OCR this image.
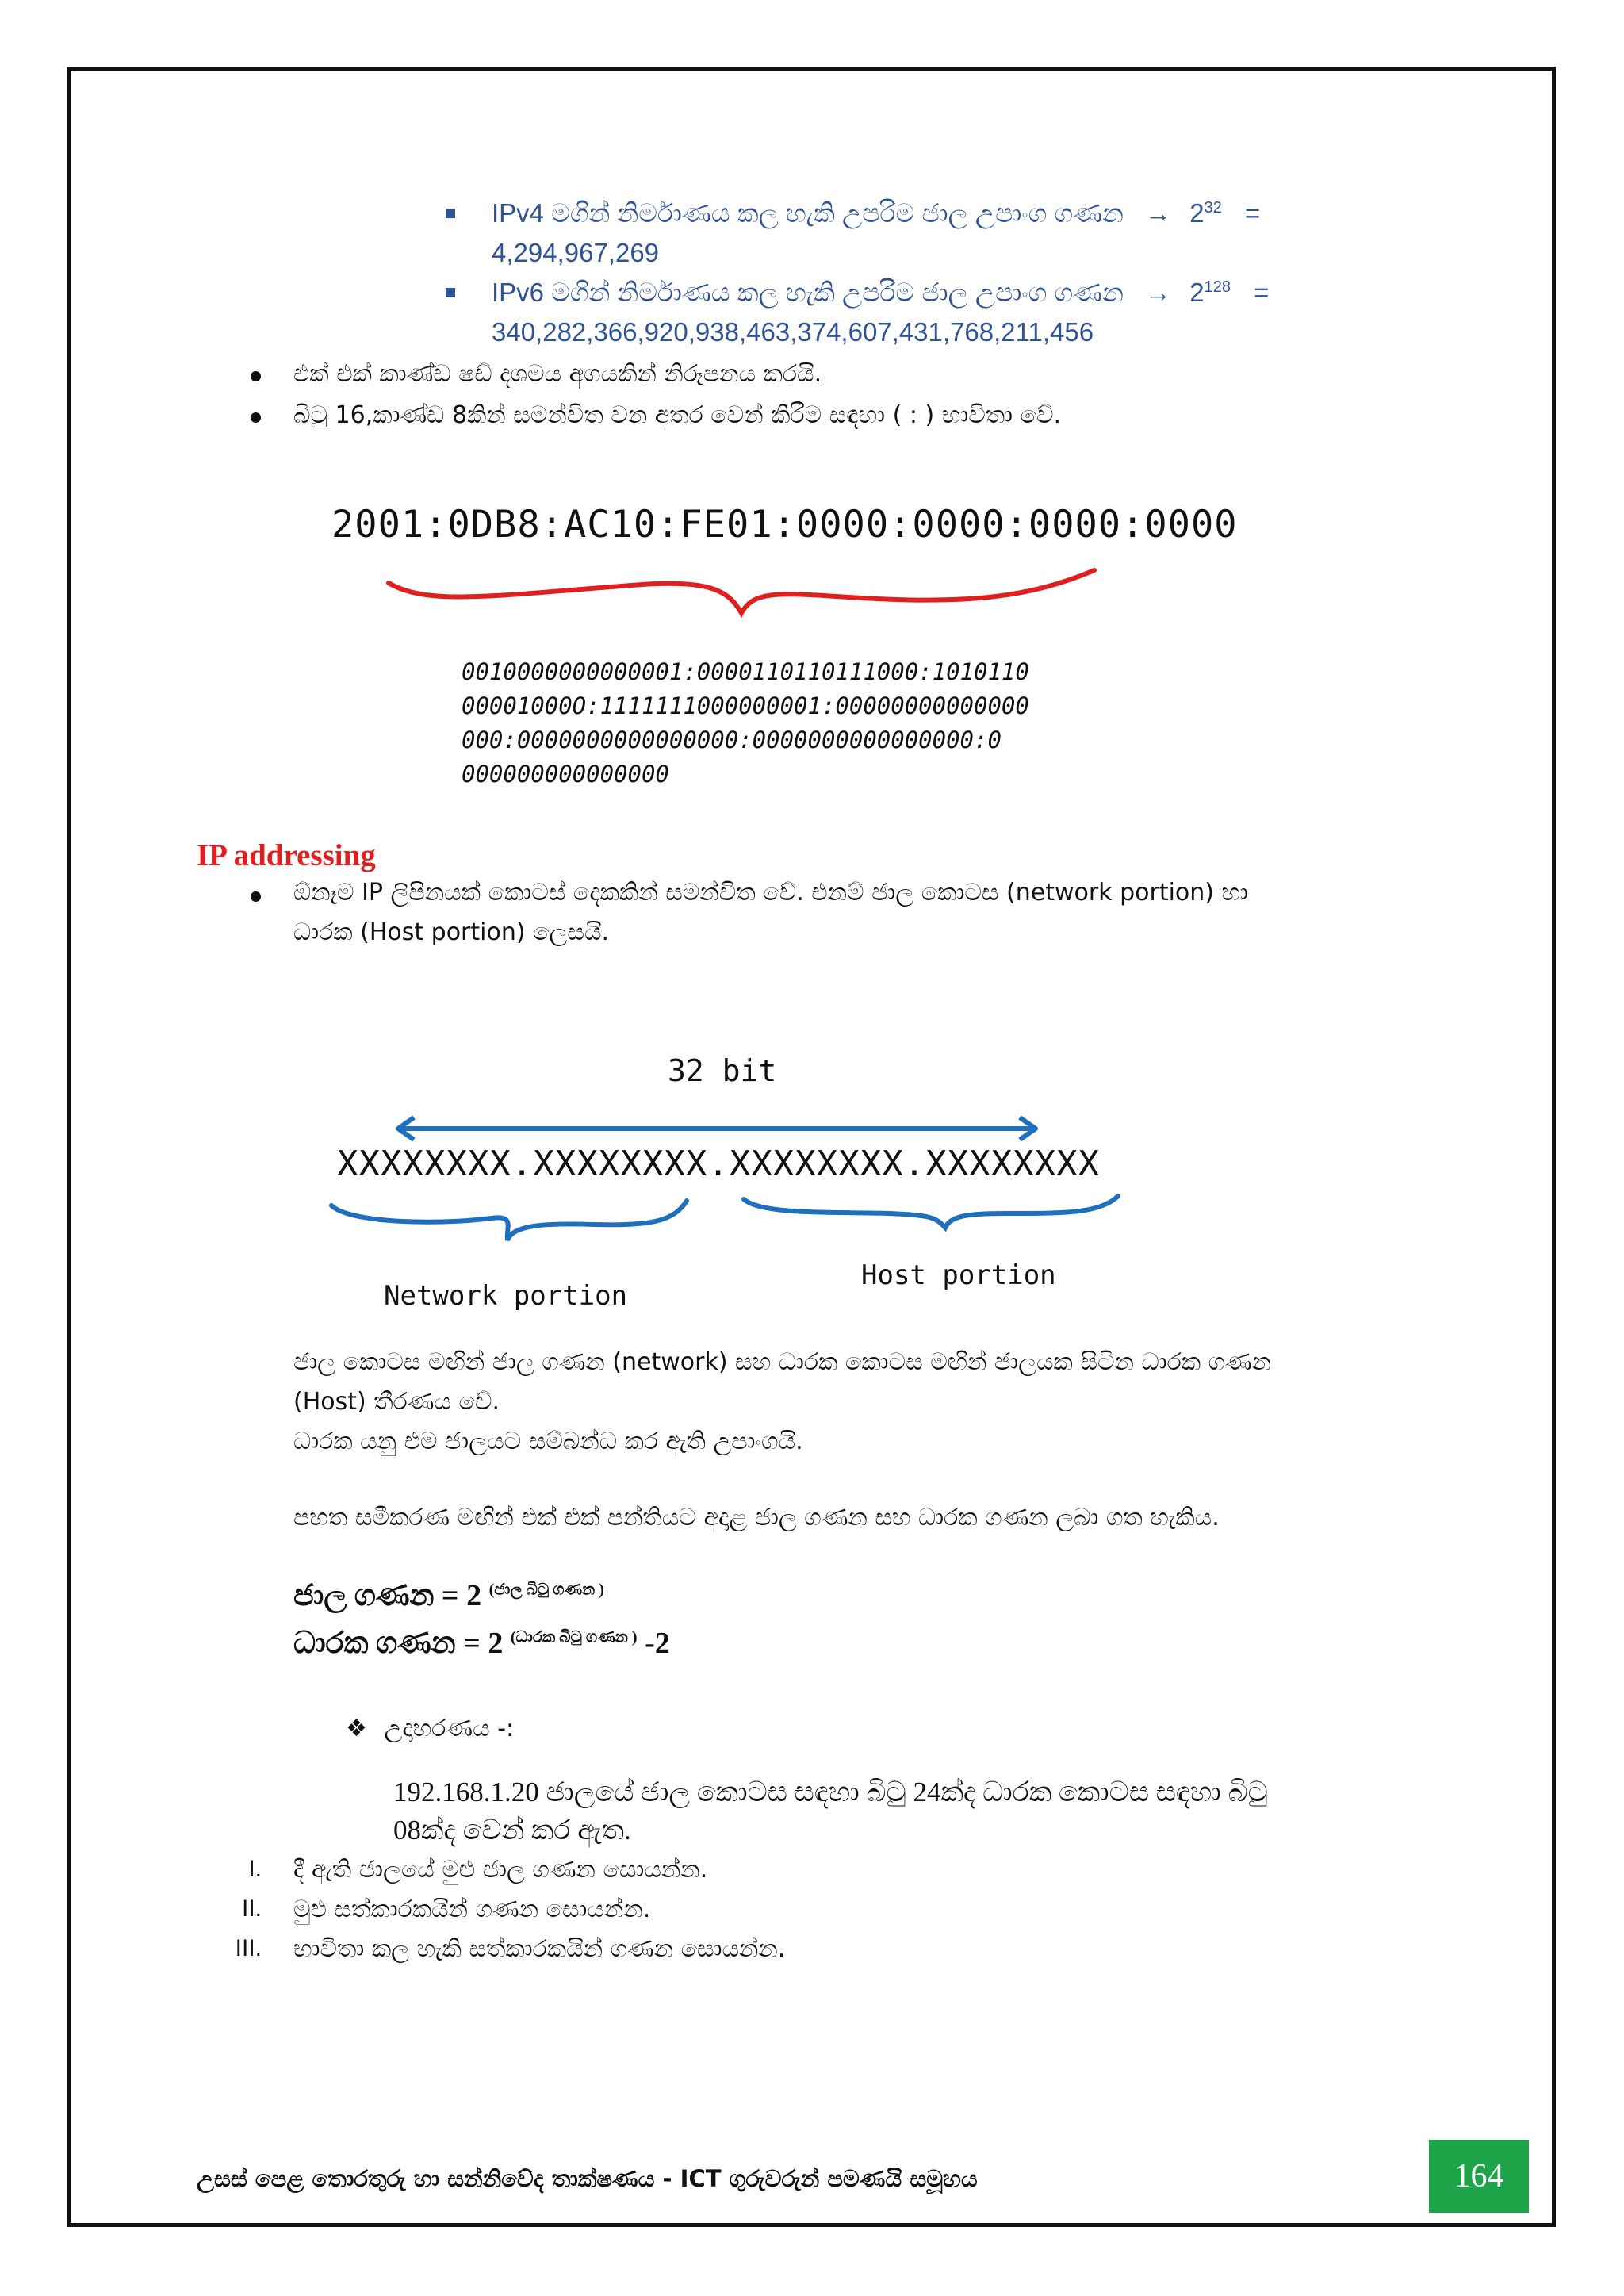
IPv4 මගින් නිර්මාණය කල හැකි උපරිම ජාල උපාංග ගණන → $2^{32}$ =
4,294,967,269
IPv6 මගින් නිර්මාණය කල හැකි උපරිම ජාල උපාංග ගණන → $2^{128}$ =
340,282,366,920,938,463,374,607,431,768,211,456
එක් එක් කාණ්ඩ ෂඩ් දශමය අගයකින් නිරූපනය කරයි.
බිටු 16,කාණ්ඩ 8කින් සමන්විත වන අතර වෙන් කිරීම සඳහා ( : ) භාවිතා වේ.
2001:0DB8:AC10:FE01:0000:0000:0000:0000
0010000000000001:0000110110111000:1010110
00001000O:1111111000000001:00000000000000
000:0000000000000000:0000000000000000:0
000000000000000
IP addressing
ඕනෑම IP ලිපිනයක් කොටස් දෙකකින් සමන්විත වේ. එනම් ජාල කොටස (network portion) හා
ධාරක (Host portion) ලෙසයි.
32 bit
XXXXXXXX.XXXXXXXX.XXXXXXXX.XXXXXXXX
Network portion
Host portion
ජාල කොටස මඟින් ජාල ගණන (network) සහ ධාරක කොටස මඟින් ජාලයක සිටින ධාරක ගණන
(Host) තීරණය වේ.
ධාරක යනු එම ජාලයට සම්බන්ධ කර ඇති උපාංගයි.
පහත සමීකරණ මඟින් එක් එක් පන්තියට අදාළ ජාල ගණන සහ ධාරක ගණන ලබා ගත හැකිය.
ජාල ගණන = 2 $^{(ජාල බිටු ගණන )}$
ධාරක ගණන = 2 $^{(ධාරක බිටු ගණන )}$ -2
❖ උදාහරණය -:
192.168.1.20 ජාලයේ ජාල කොටස සඳහා බිටු 24ක්ද ධාරක කොටස සඳහා බිටු
08ක්ද වෙන් කර ඇත.
I. දී ඇති ජාලයේ මුළු ජාල ගණන සොයන්න.
II. මුළු සත්කාරකයින් ගණන සොයන්න.
III. භාවිතා කල හැකි සත්කාරකයින් ගණන සොයන්න.
උසස් පෙළ තොරතුරු හා සන්නිවේද තාක්ෂණය - ICT ගුරුවරුන් පමණයි සමූහය	164
